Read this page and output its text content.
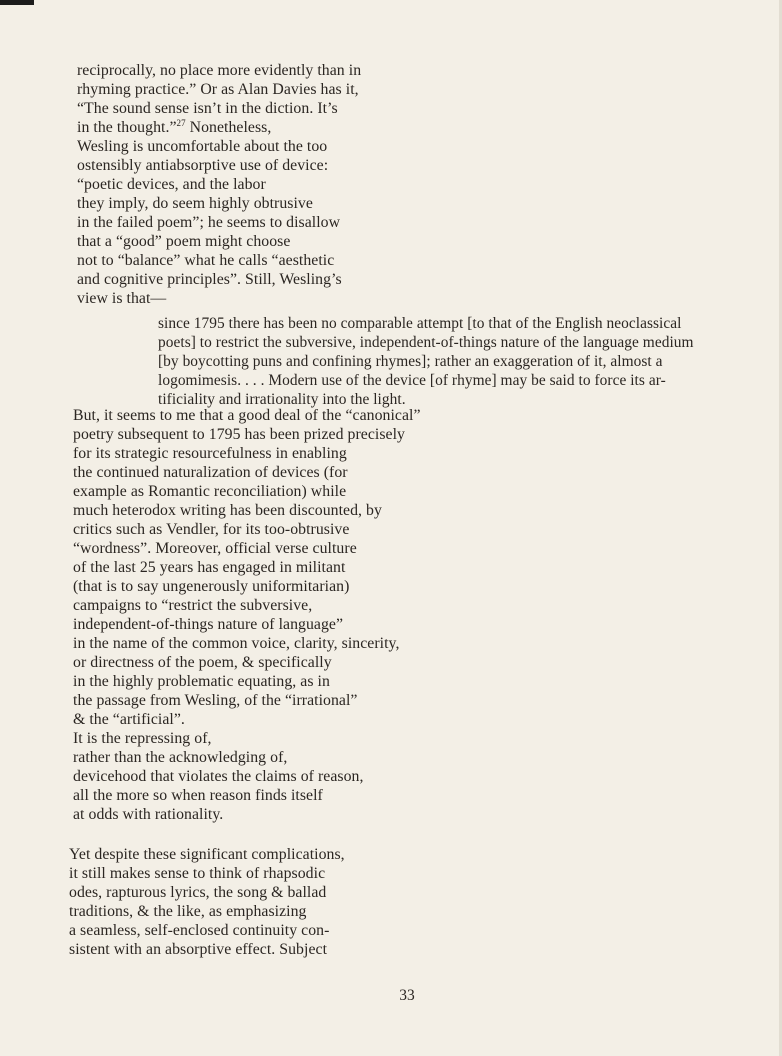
reciprocally, no place more evidently than in
rhyming practice.” Or as Alan Davies has it,
“The sound sense isn’t in the diction. It’s
in the thought.”$^{27}$ Nonetheless,
Wesling is uncomfortable about the too
ostensibly antiabsorptive use of device:
“poetic devices, and the labor
they imply, do seem highly obtrusive
in the failed poem”; he seems to disallow
that a “good” poem might choose
not to “balance” what he calls “aesthetic
and cognitive principles”. Still, Wesling’s
view is that—
since 1795 there has been no comparable attempt [to that of the English neoclassical
poets] to restrict the subversive, independent-of-things nature of the language medium
[by boycotting puns and confining rhymes]; rather an exaggeration of it, almost a
logomimesis. . . . Modern use of the device [of rhyme] may be said to force its ar-
tificiality and irrationality into the light.
But, it seems to me that a good deal of the “canonical”
poetry subsequent to 1795 has been prized precisely
for its strategic resourcefulness in enabling
the continued naturalization of devices (for
example as Romantic reconciliation) while
much heterodox writing has been discounted, by
critics such as Vendler, for its too-obtrusive
“wordness”. Moreover, official verse culture
of the last 25 years has engaged in militant
(that is to say ungenerously uniformitarian)
campaigns to “restrict the subversive,
independent-of-things nature of language”
in the name of the common voice, clarity, sincerity,
or directness of the poem, & specifically
in the highly problematic equating, as in
the passage from Wesling, of the “irrational”
& the “artificial”.
It is the repressing of,
rather than the acknowledging of,
devicehood that violates the claims of reason,
all the more so when reason finds itself
at odds with rationality.
Yet despite these significant complications,
it still makes sense to think of rhapsodic
odes, rapturous lyrics, the song & ballad
traditions, & the like, as emphasizing
a seamless, self-enclosed continuity con-
sistent with an absorptive effect. Subject
33
